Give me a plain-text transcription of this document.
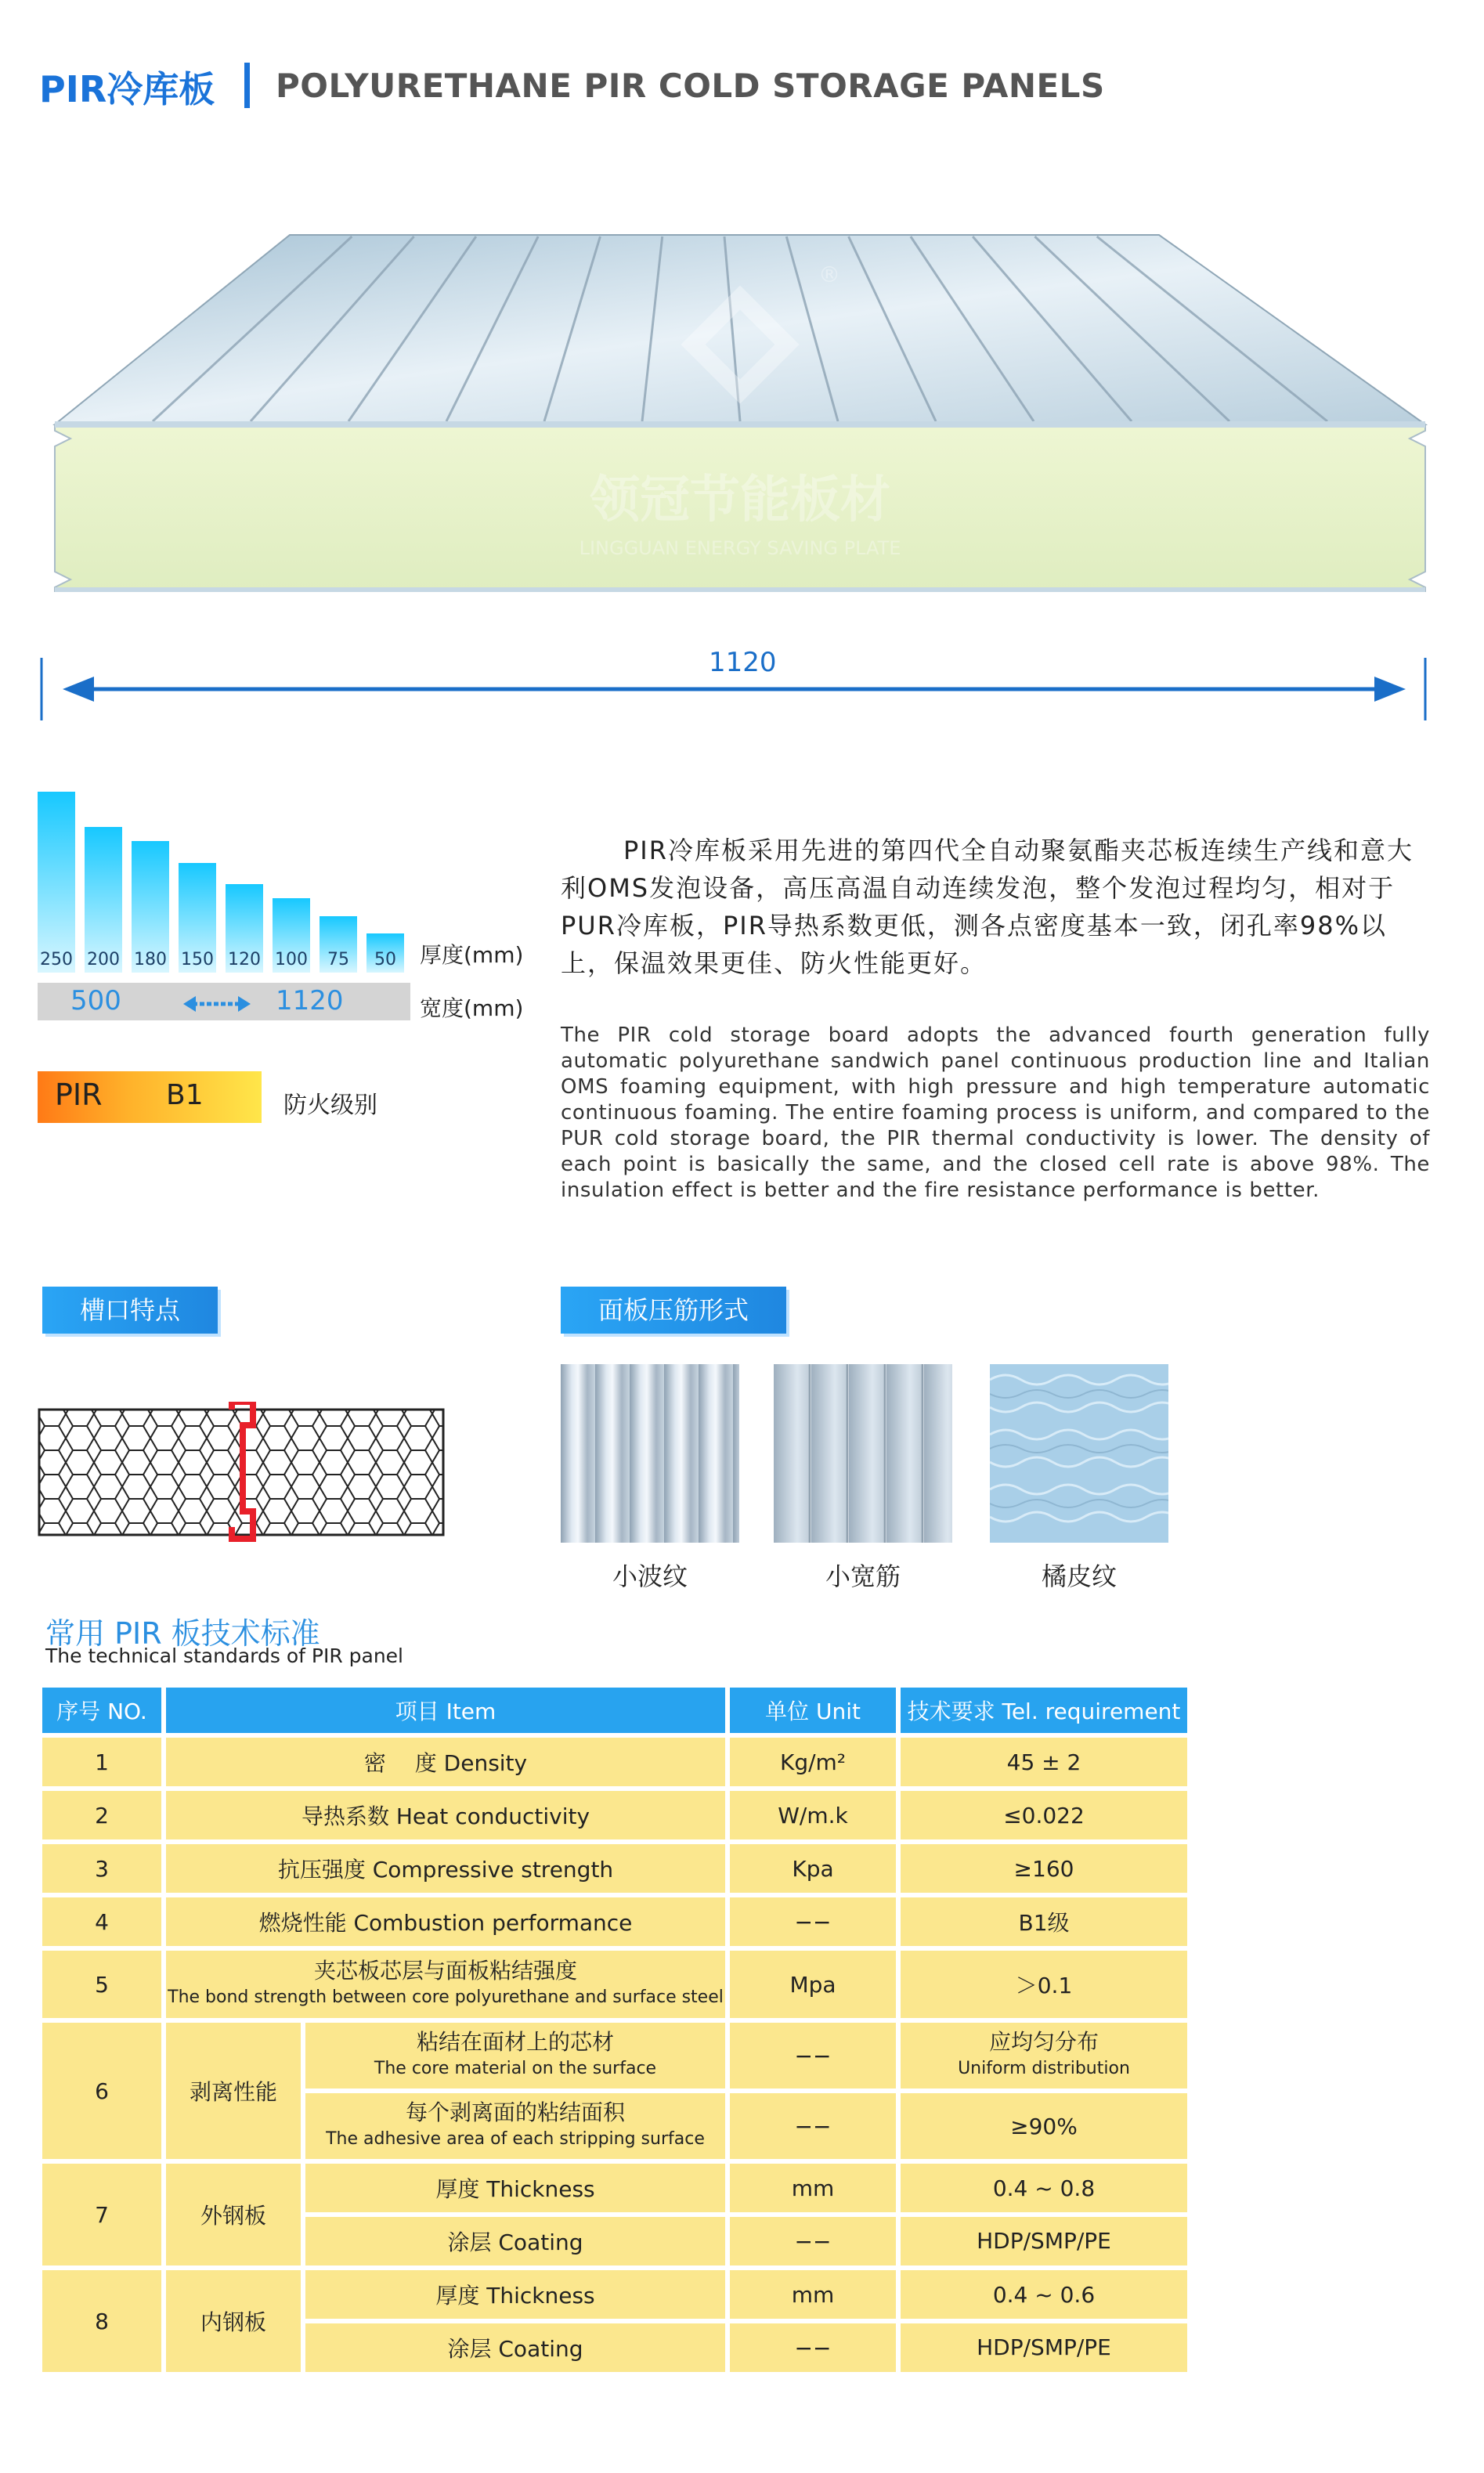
PIR冷库板 POLYURETHANE PIR COLD STORAGE PANELS
®
领冠节能板材
LINGGUAN ENERGY SAVING PLATE
1120
250 200 180 150 120 100	75	50	厚度(mm)
500	1120	宽度(mm)
PIR B1	防火级别
PIR冷库板采用先进的第四代全自动聚氨酯夹芯板连续生产线和意大利OMS发泡设备，高压高温自动连续发泡，整个发泡过程均匀，相对于PUR冷库板，PIR导热系数更低，测各点密度基本一致，闭孔率98%以上，保温效果更佳、防火性能更好。
The PIR cold storage board adopts the advanced fourth generation fully automatic polyurethane sandwich panel continuous production line and Italian OMS foaming equipment, with high pressure and high temperature automatic continuous foaming. The entire foaming process is uniform, and compared to the PUR cold storage board, the PIR thermal conductivity is lower. The density of each point is basically the same, and the closed cell rate is above 98%. The insulation effect is better and the fire resistance performance is better.
槽口特点	面板压筋形式
小波纹	小宽筋	橘皮纹
常用 PIR 板技术标准
The technical standards of PIR panel
序号 NO.	项目 Item		单位 Unit	技术要求 Tel. requirement
1	密　 度 Density		Kg/m²	45 ± 2
2	导热系数 Heat conductivity		W/m.k	≤0.022
3	抗压强度 Compressive strength		Kpa	≥160
4	燃烧性能 Combustion performance		−−	B1级
5	夹芯板芯层与面板粘结强度
The bond strength between core polyurethane and surface steel		Mpa	＞0.1
6	剥离性能	粘结在面材上的芯材
The core material on the surface	−−	应均匀分布
Uniform distribution

		每个剥离面的粘结面积
The adhesive area of each stripping surface	−−	≥90%
7	外钢板	厚度 Thickness	mm	0.4 ~ 0.8
		涂层 Coating	−−	HDP/SMP/PE
8	内钢板	厚度 Thickness	mm	0.4 ~ 0.6
		涂层 Coating	−−	HDP/SMP/PE
